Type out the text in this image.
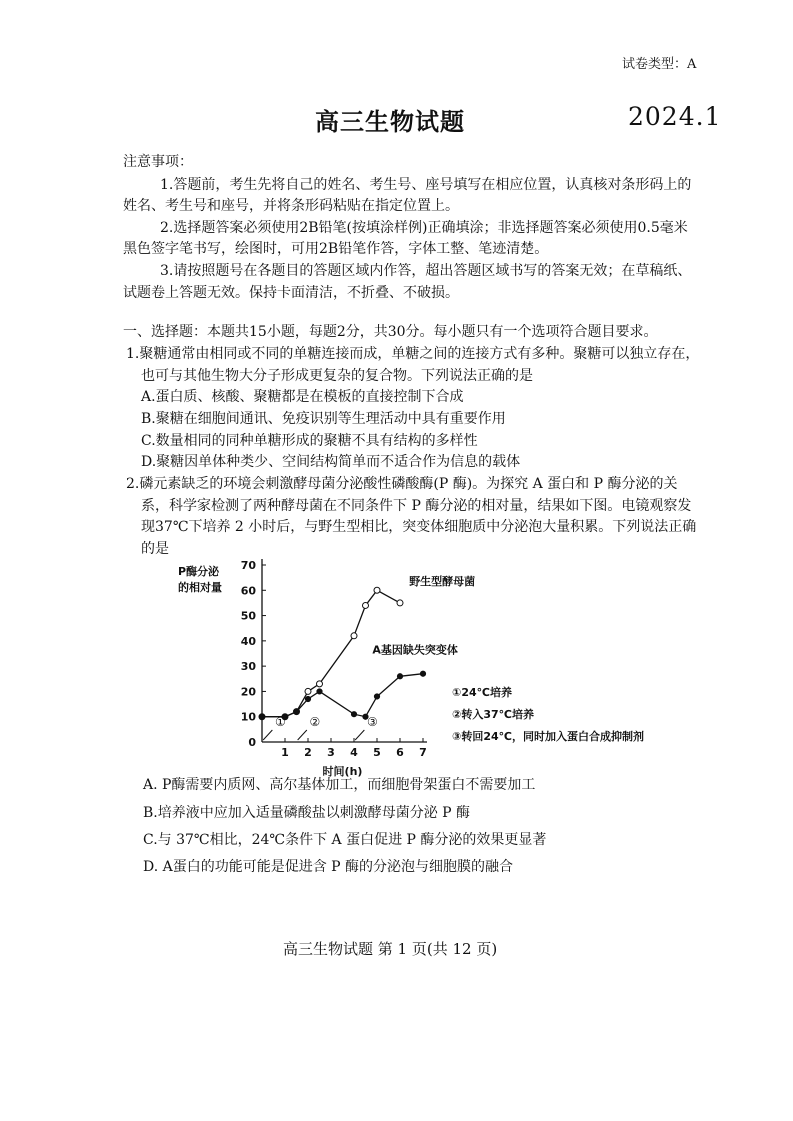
试卷类型：A
高三生物试题	2024.1
注意事项：
1.答题前，考生先将自己的姓名、考生号、座号填写在相应位置，认真核对条形码上的
姓名、考生号和座号，并将条形码粘贴在指定位置上。
2.选择题答案必须使用2B铅笔(按填涂样例)正确填涂；非选择题答案必须使用0.5毫米
黑色签字笔书写，绘图时，可用2B铅笔作答，字体工整、笔迹清楚。
3.请按照题号在各题目的答题区域内作答，超出答题区域书写的答案无效；在草稿纸、
试题卷上答题无效。保持卡面清洁，不折叠、不破损。
一、选择题：本题共15小题，每题2分，共30分。每小题只有一个选项符合题目要求。
1.聚糖通常由相同或不同的单糖连接而成，单糖之间的连接方式有多种。聚糖可以独立存在，
也可与其他生物大分子形成更复杂的复合物。下列说法正确的是
A.蛋白质、核酸、聚糖都是在模板的直接控制下合成
B.聚糖在细胞间通讯、免疫识别等生理活动中具有重要作用
C.数量相同的同种单糖形成的聚糖不具有结构的多样性
D.聚糖因单体种类少、空间结构简单而不适合作为信息的载体
2.磷元素缺乏的环境会刺激酵母菌分泌酸性磷酸酶(P 酶)。为探究 A 蛋白和 P 酶分泌的关
系，科学家检测了两种酵母菌在不同条件下 P 酶分泌的相对量，结果如下图。电镜观察发
现37℃下培养 2 小时后，与野生型相比，突变体细胞质中分泌泡大量积累。下列说法正确
的是
0
10
20
30
40
50
60
70
1 2 3 4 5 6 7
P酶分泌
的相对量
时间(h)
野生型酵母菌
A基因缺失突变体
① ②	③
①24℃培养
②转入37℃培养
③转回24℃，同时加入蛋白合成抑制剂
A. P酶需要内质网、高尔基体加工，而细胞骨架蛋白不需要加工
B.培养液中应加入适量磷酸盐以刺激酵母菌分泌 P 酶
C.与 37℃相比，24℃条件下 A 蛋白促进 P 酶分泌的效果更显著
D. A蛋白的功能可能是促进含 P 酶的分泌泡与细胞膜的融合
高三生物试题 第 1 页(共 12 页)
